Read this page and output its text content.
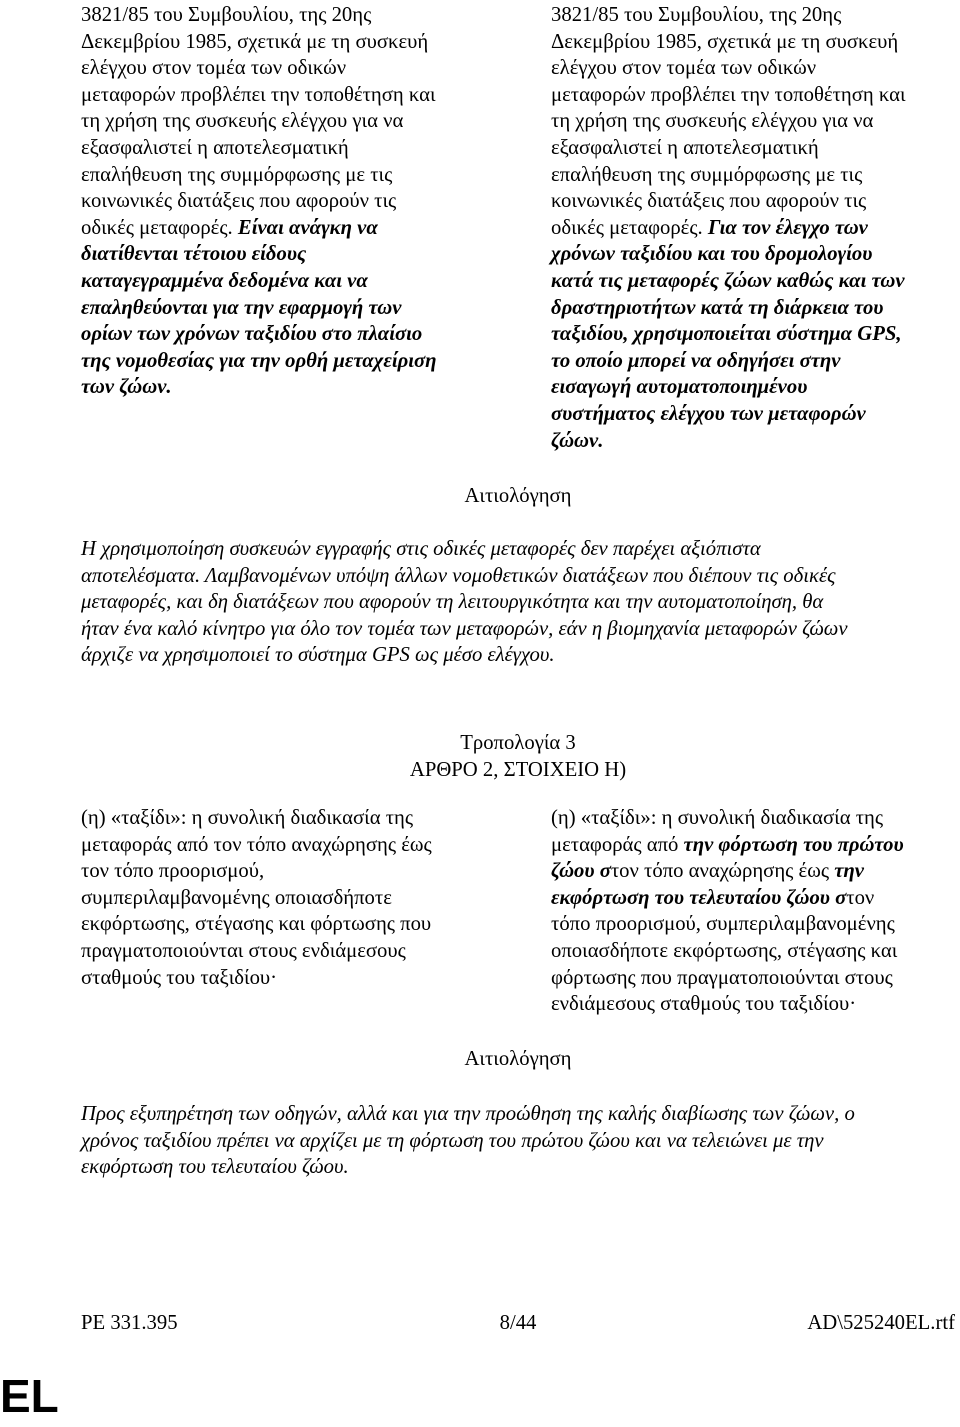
3821/85 του Συμβουλίου, της 20ης
Δεκεμβρίου 1985, σχετικά με τη συσκευή
ελέγχου στον τομέα των οδικών
μεταφορών προβλέπει την τοποθέτηση και
τη χρήση της συσκευής ελέγχου για να
εξασφαλιστεί η αποτελεσματική
επαλήθευση της συμμόρφωσης με τις
κοινωνικές διατάξεις που αφορούν τις
οδικές μεταφορές. Είναι ανάγκη να
διατίθενται τέτοιου είδους
καταγεγραμμένα δεδομένα και να
επαληθεύονται για την εφαρμογή των
ορίων των χρόνων ταξιδίου στο πλαίσιο
της νομοθεσίας για την ορθή μεταχείριση
των ζώων.
3821/85 του Συμβουλίου, της 20ης
Δεκεμβρίου 1985, σχετικά με τη συσκευή
ελέγχου στον τομέα των οδικών
μεταφορών προβλέπει την τοποθέτηση και
τη χρήση της συσκευής ελέγχου για να
εξασφαλιστεί η αποτελεσματική
επαλήθευση της συμμόρφωσης με τις
κοινωνικές διατάξεις που αφορούν τις
οδικές μεταφορές. Για τον έλεγχο των
χρόνων ταξιδίου και του δρομολογίου
κατά τις μεταφορές ζώων καθώς και των
δραστηριοτήτων κατά τη διάρκεια του
ταξιδίου, χρησιμοποιείται σύστημα GPS,
το οποίο μπορεί να οδηγήσει στην
εισαγωγή αυτοματοποιημένου
συστήματος ελέγχου των μεταφορών
ζώων.
Αιτιολόγηση
Η χρησιμοποίηση συσκευών εγγραφής στις οδικές μεταφορές δεν παρέχει αξιόπιστα
αποτελέσματα. Λαμβανομένων υπόψη άλλων νομοθετικών διατάξεων που διέπουν τις οδικές
μεταφορές, και δη διατάξεων που αφορούν τη λειτουργικότητα και την αυτοματοποίηση, θα
ήταν ένα καλό κίνητρο για όλο τον τομέα των μεταφορών, εάν η βιομηχανία μεταφορών ζώων
άρχιζε να χρησιμοποιεί το σύστημα GPS ως μέσο ελέγχου.
Τροπολογία 3
ΑΡΘΡΟ 2, ΣΤΟΙΧΕΙΟ Η)
(η) «ταξίδι»: η συνολική διαδικασία της
μεταφοράς από τον τόπο αναχώρησης έως
τον τόπο προορισμού,
συμπεριλαμβανομένης οποιασδήποτε
εκφόρτωσης, στέγασης και φόρτωσης που
πραγματοποιούνται στους ενδιάμεσους
σταθμούς του ταξιδίου·
(η) «ταξίδι»: η συνολική διαδικασία της
μεταφοράς από την φόρτωση του πρώτου
ζώου στον τόπο αναχώρησης έως την
εκφόρτωση του τελευταίου ζώου στον
τόπο προορισμού, συμπεριλαμβανομένης
οποιασδήποτε εκφόρτωσης, στέγασης και
φόρτωσης που πραγματοποιούνται στους
ενδιάμεσους σταθμούς του ταξιδίου·
Αιτιολόγηση
Προς εξυπηρέτηση των οδηγών, αλλά και για την προώθηση της καλής διαβίωσης των ζώων, ο
χρόνος ταξιδίου πρέπει να αρχίζει με τη φόρτωση του πρώτου ζώου και να τελειώνει με την
εκφόρτωση του τελευταίου ζώου.
PE 331.395	8/44	AD\525240EL.rtf
EL
